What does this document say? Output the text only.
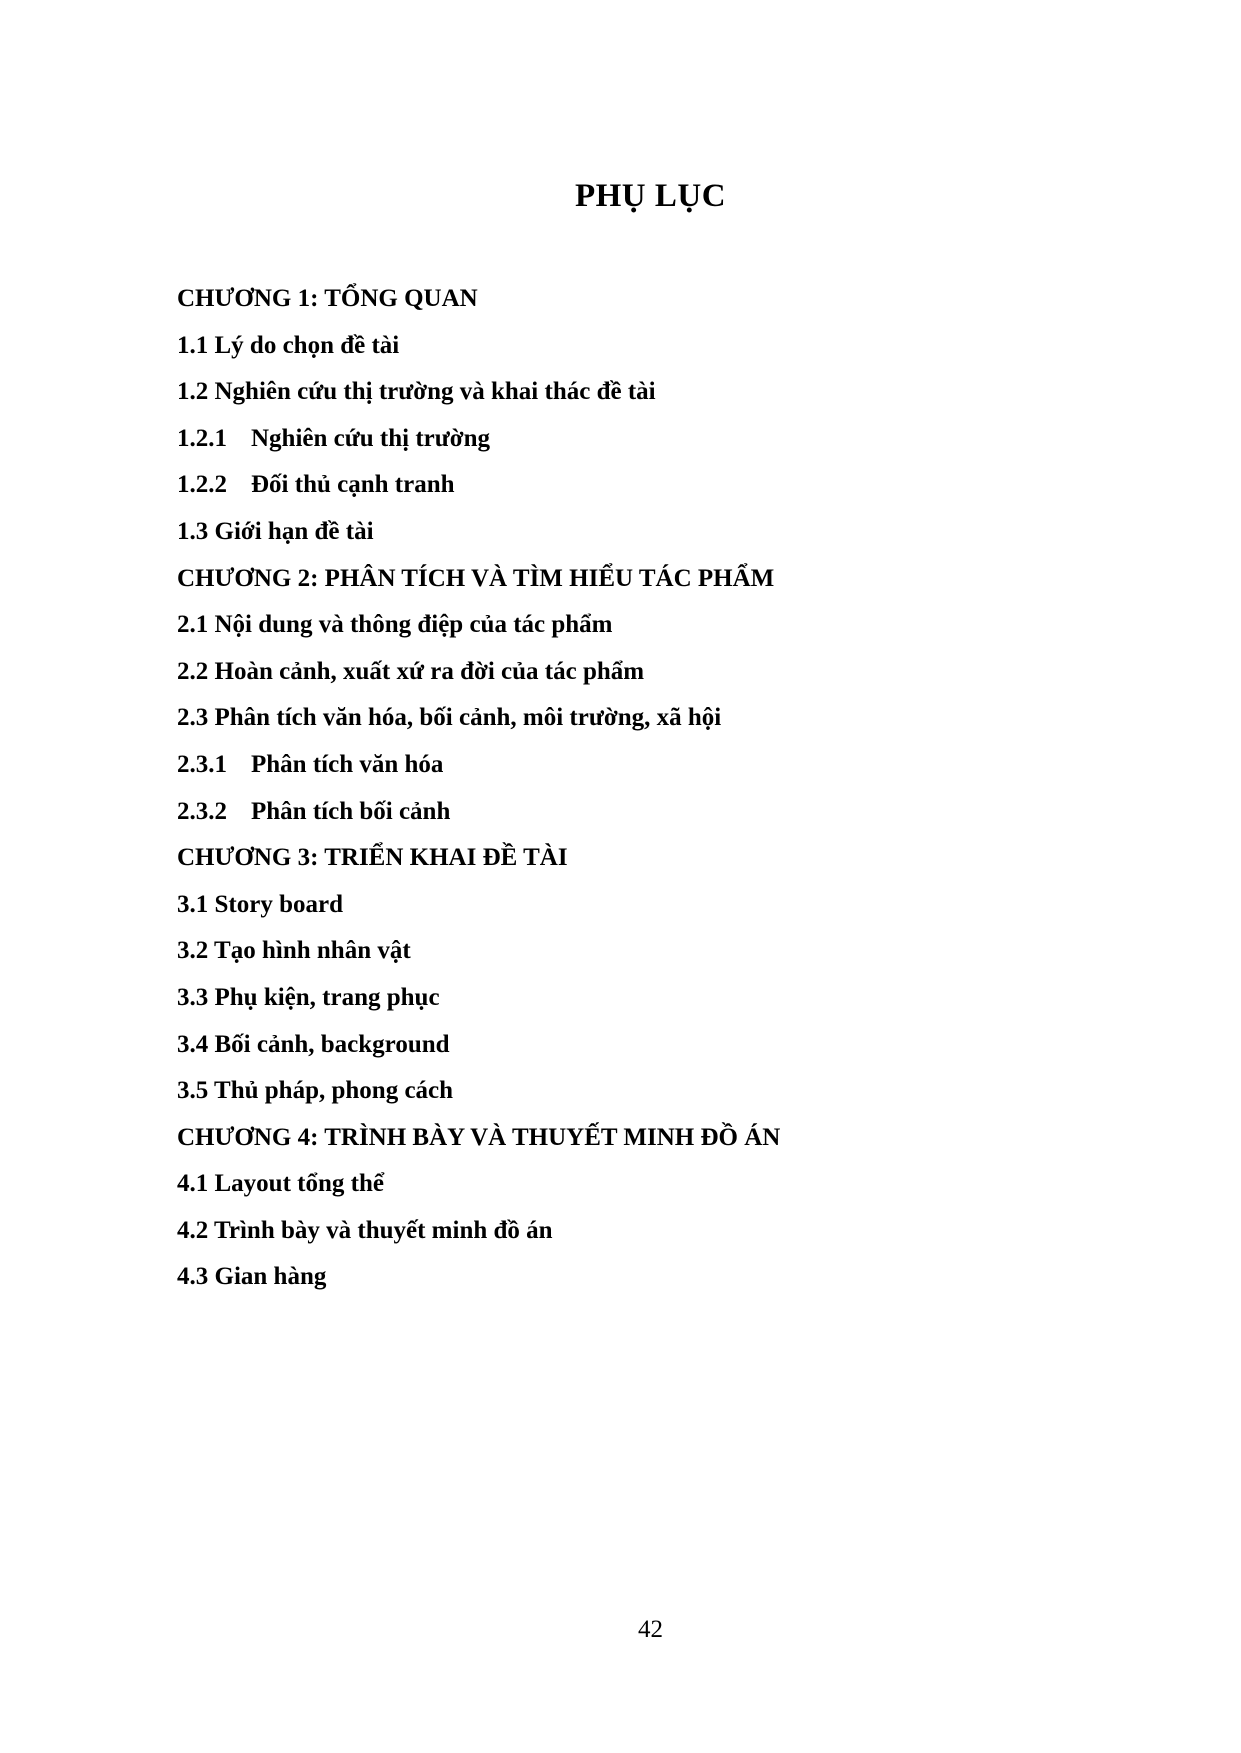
PHỤ LỤC
CHƯƠNG 1: TỔNG QUAN
1.1 Lý do chọn đề tài
1.2 Nghiên cứu thị trường và khai thác đề tài
1.2.1 Nghiên cứu thị trường
1.2.2 Đối thủ cạnh tranh
1.3 Giới hạn đề tài
CHƯƠNG 2: PHÂN TÍCH VÀ TÌM HIỂU TÁC PHẨM
2.1 Nội dung và thông điệp của tác phẩm
2.2 Hoàn cảnh, xuất xứ ra đời của tác phẩm
2.3 Phân tích văn hóa, bối cảnh, môi trường, xã hội
2.3.1 Phân tích văn hóa
2.3.2 Phân tích bối cảnh
CHƯƠNG 3: TRIỂN KHAI ĐỀ TÀI
3.1 Story board
3.2 Tạo hình nhân vật
3.3 Phụ kiện, trang phục
3.4 Bối cảnh, background
3.5 Thủ pháp, phong cách
CHƯƠNG 4: TRÌNH BÀY VÀ THUYẾT MINH ĐỒ ÁN
4.1 Layout tổng thể
4.2 Trình bày và thuyết minh đồ án
4.3 Gian hàng
42
